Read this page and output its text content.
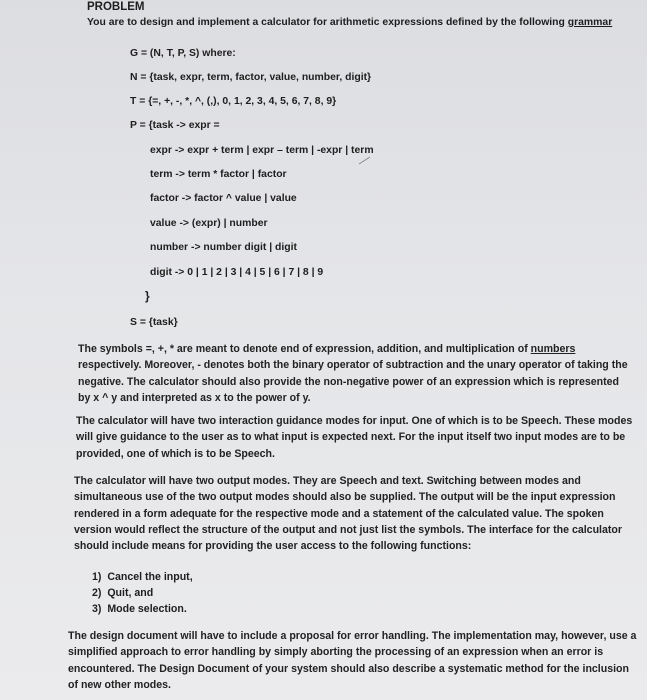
PROBLEM
You are to design and implement a calculator for arithmetic expressions defined by the following grammar
G = (N, T, P, S) where:
N = {task, expr, term, factor, value, number, digit}
T = {=, +, -, *, ^, (,), 0, 1, 2, 3, 4, 5, 6, 7, 8, 9}
P = {task -> expr =
expr -> expr + term | expr – term | -expr | term
term -> term * factor | factor
factor -> factor ^ value | value
value -> (expr) | number
number -> number digit | digit
digit -> 0 | 1 | 2 | 3 | 4 | 5 | 6 | 7 | 8 | 9
}
S = {task}
The symbols =, +, * are meant to denote end of expression, addition, and multiplication of numbers respectively. Moreover, - denotes both the binary operator of subtraction and the unary operator of taking the negative. The calculator should also provide the non-negative power of an expression which is represented by x ^ y and interpreted as x to the power of y.
The calculator will have two interaction guidance modes for input. One of which is to be Speech. These modes will give guidance to the user as to what input is expected next. For the input itself two input modes are to be provided, one of which is to be Speech.
The calculator will have two output modes. They are Speech and text. Switching between modes and simultaneous use of the two output modes should also be supplied. The output will be the input expression rendered in a form adequate for the respective mode and a statement of the calculated value. The spoken version would reflect the structure of the output and not just list the symbols. The interface for the calculator should include means for providing the user access to the following functions:
1) Cancel the input,
2) Quit, and
3) Mode selection.
The design document will have to include a proposal for error handling. The implementation may, however, use a simplified approach to error handling by simply aborting the processing of an expression when an error is encountered. The Design Document of your system should also describe a systematic method for the inclusion of new other modes.
